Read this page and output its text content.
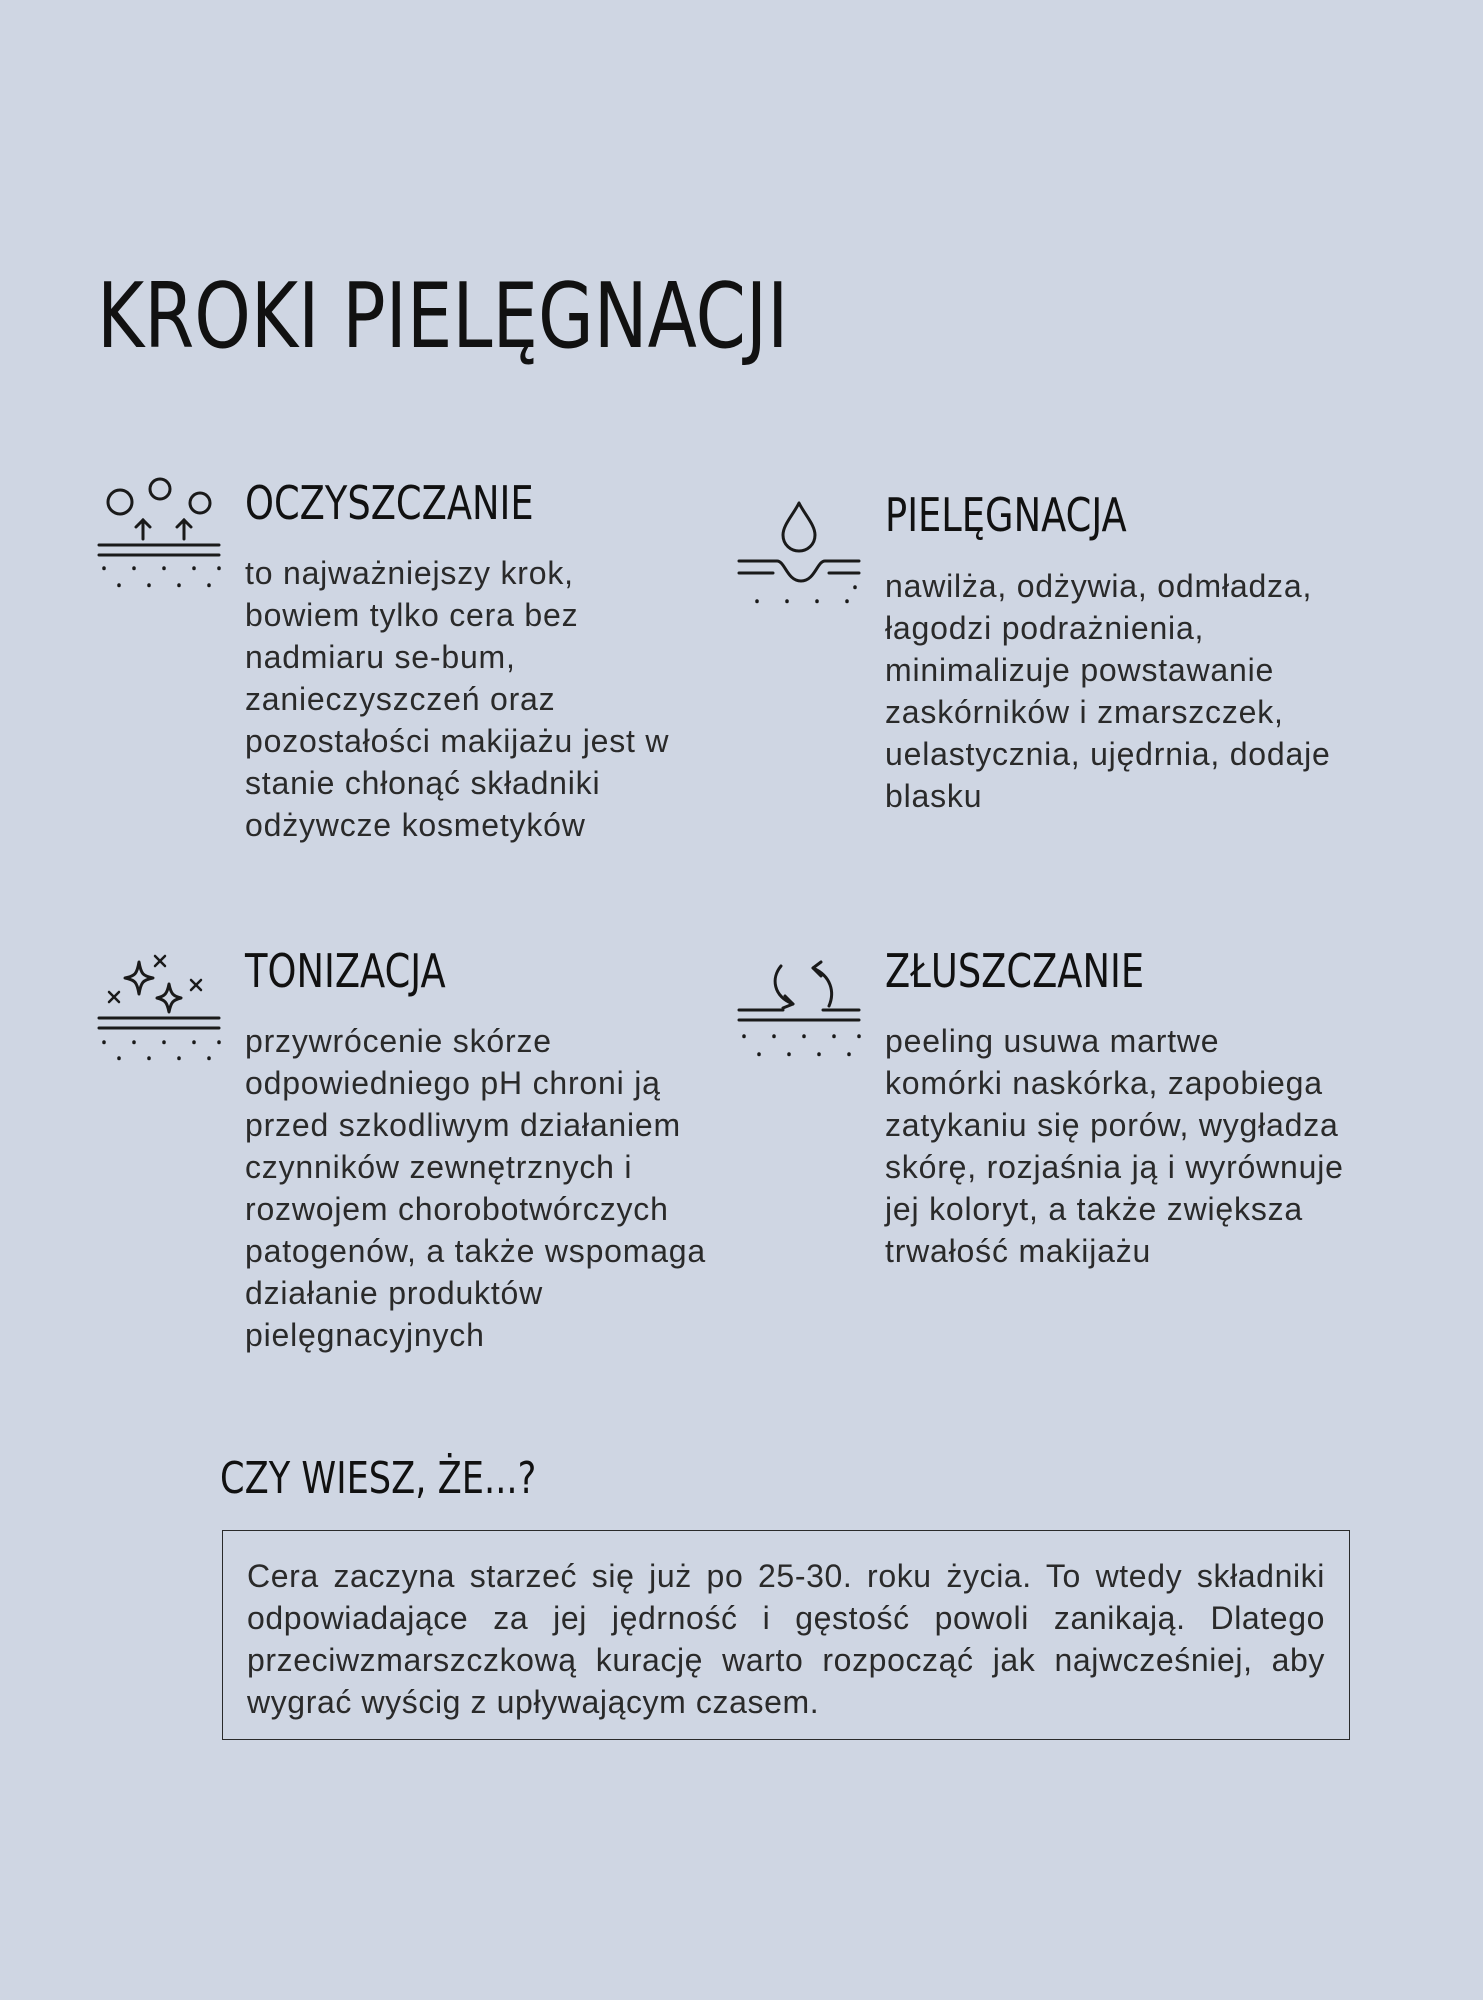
KROKI PIELĘGNACJI
OCZYSZCZANIE

to najważniejszy krok, bowiem tylko cera bez nadmiaru se-bum, zanieczyszczeń oraz pozostałości makijażu jest w stanie chłonąć składniki odżywcze kosmetyków

PIELĘGNACJA

nawilża, odżywia, odmładza, łagodzi podrażnienia, minimalizuje powstawanie zaskórników i zmarszczek, uelastycznia, ujędrnia, dodaje blasku

TONIZACJA

przywrócenie skórze odpowiedniego pH chroni ją przed szkodliwym działaniem czynników zewnętrznych i rozwojem chorobotwórczych patogenów, a także wspomaga działanie produktów pielęgnacyjnych

ZŁUSZCZANIE

peeling usuwa martwe komórki naskórka, zapobiega zatykaniu się porów, wygładza skórę, rozjaśnia ją i wyrównuje jej koloryt, a także zwiększa trwałość makijażu

CZY WIESZ, ŻE...?

Cera zaczyna starzeć się już po 25-30. roku życia. To wtedy składniki odpowiadające za jej jędrność i gęstość powoli zanikają. Dlatego przeciwzmarszczkową kurację warto rozpocząć jak najwcześniej, aby wygrać wyścig z upływającym czasem.
